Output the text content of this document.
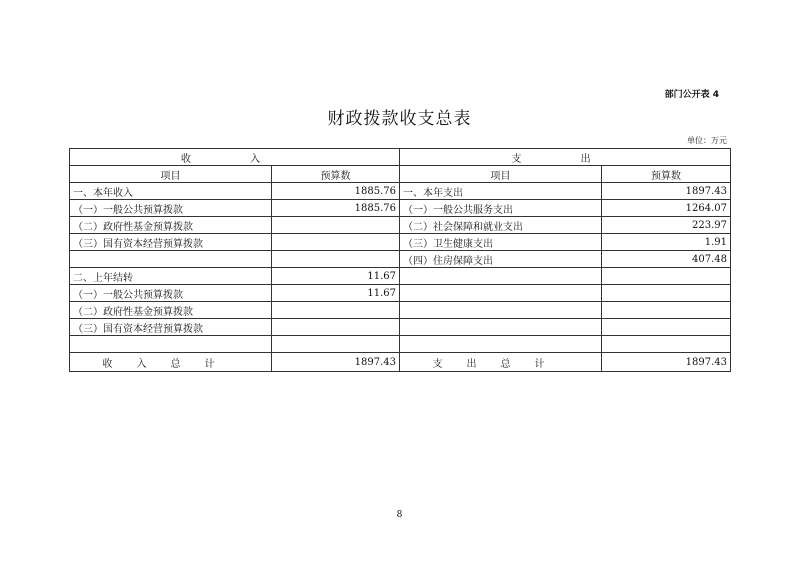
部门公开表 4
财政拨款收支总表
单位：万元
收 入		支 出	
项目	预算数	项目	预算数
一、本年收入	1885.76	一、本年支出	1897.43
（一）一般公共预算拨款	1885.76	（一）一般公共服务支出	1264.07
（二）政府性基金预算拨款		（二）社会保障和就业支出	223.97
（三）国有资本经营预算拨款		（三）卫生健康支出	1.91
		（四）住房保障支出	407.48
二、上年结转	11.67		
（一）一般公共预算拨款	11.67		
（二）政府性基金预算拨款			
（三）国有资本经营预算拨款			

收入总计	1897.43	支出总计	1897.43
8
